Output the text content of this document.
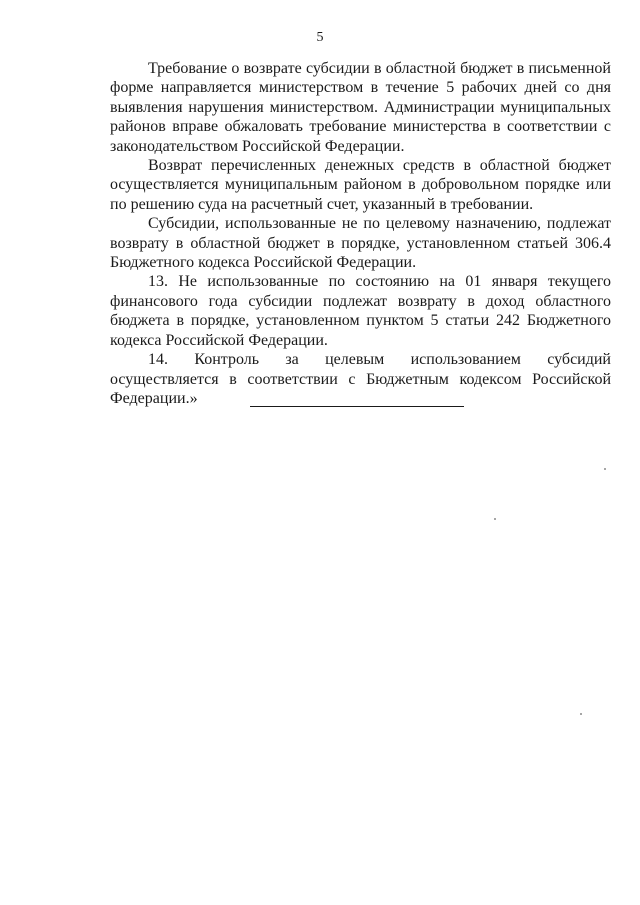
5

Требование о возврате субсидии в областной бюджет в письменной форме направляется министерством в течение 5 рабочих дней со дня выявления нарушения министерством. Администрации муниципальных районов вправе обжаловать требование министерства в соответствии с законодательством Российской Федерации.

Возврат перечисленных денежных средств в областной бюджет осуществляется муниципальным районом в добровольном порядке или по решению суда на расчетный счет, указанный в требовании.

Субсидии, использованные не по целевому назначению, подлежат возврату в областной бюджет в порядке, установленном статьей 306.4 Бюджетного кодекса Российской Федерации.

13. Не использованные по состоянию на 01 января текущего финансового года субсидии подлежат возврату в доход областного бюджета в порядке, установленном пунктом 5 статьи 242 Бюджетного кодекса Российской Федерации.

14. Контроль за целевым использованием субсидий осуществляется в соответствии с Бюджетным кодексом Российской Федерации.»
